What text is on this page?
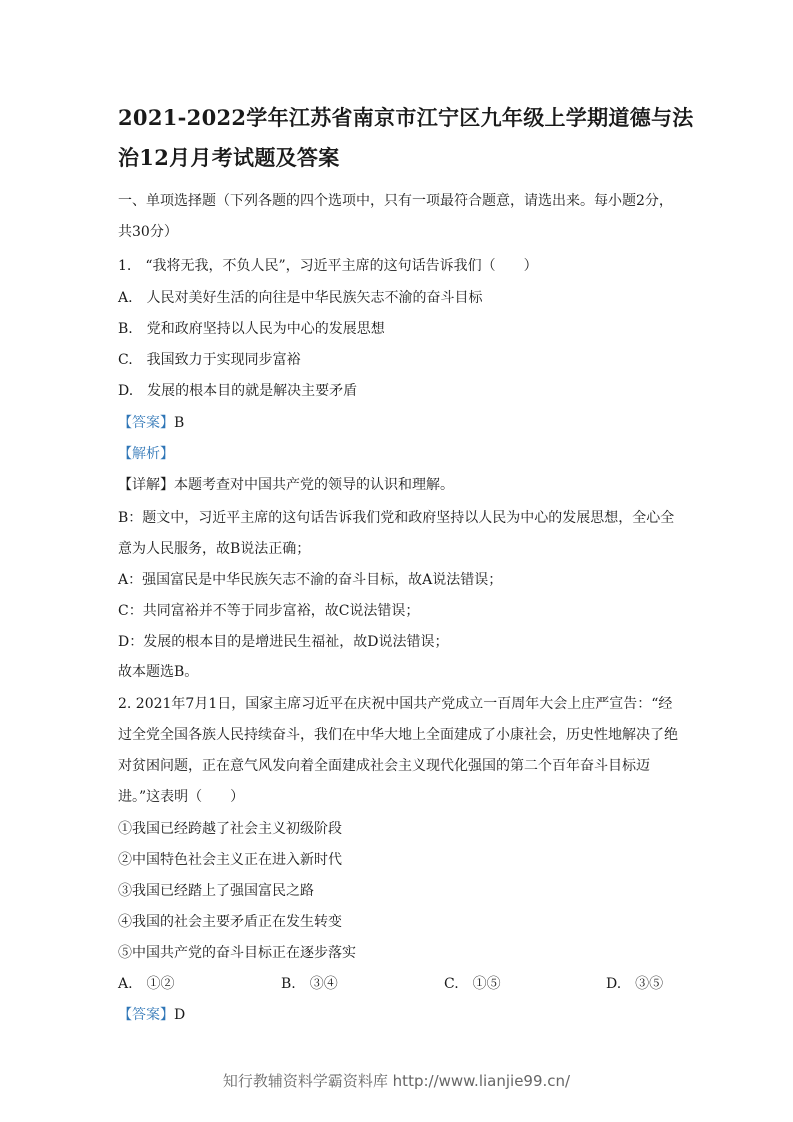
2021-2022学年江苏省南京市江宁区九年级上学期道德与法
治12月月考试题及答案
一、单项选择题（下列各题的四个选项中，只有一项最符合题意，请选出来。每小题2分，
共30分）
1.　“我将无我，不负人民”，习近平主席的这句话告诉我们（　　）
A.　人民对美好生活的向往是中华民族矢志不渝的奋斗目标
B.　党和政府坚持以人民为中心的发展思想
C.　我国致力于实现同步富裕
D.　发展的根本目的就是解决主要矛盾
【答案】B
【解析】
【详解】本题考查对中国共产党的领导的认识和理解。
B：题文中，习近平主席的这句话告诉我们党和政府坚持以人民为中心的发展思想，全心全
意为人民服务，故B说法正确；
A：强国富民是中华民族矢志不渝的奋斗目标，故A说法错误；
C：共同富裕并不等于同步富裕，故C说法错误；
D：发展的根本目的是增进民生福祉，故D说法错误；
故本题选B。
2. 2021年7月1日，国家主席习近平在庆祝中国共产党成立一百周年大会上庄严宣告：“经
过全党全国各族人民持续奋斗，我们在中华大地上全面建成了小康社会，历史性地解决了绝
对贫困问题，正在意气风发向着全面建成社会主义现代化强国的第二个百年奋斗目标迈
进。”这表明（　　）
①我国已经跨越了社会主义初级阶段
②中国特色社会主义正在进入新时代
③我国已经踏上了强国富民之路
④我国的社会主要矛盾正在发生转变
⑤中国共产党的奋斗目标正在逐步落实
A.　①②	B.　③④	C.　①⑤	D.　③⑤
【答案】D
知行教辅资料学霸资料库 http://www.lianjie99.cn/
